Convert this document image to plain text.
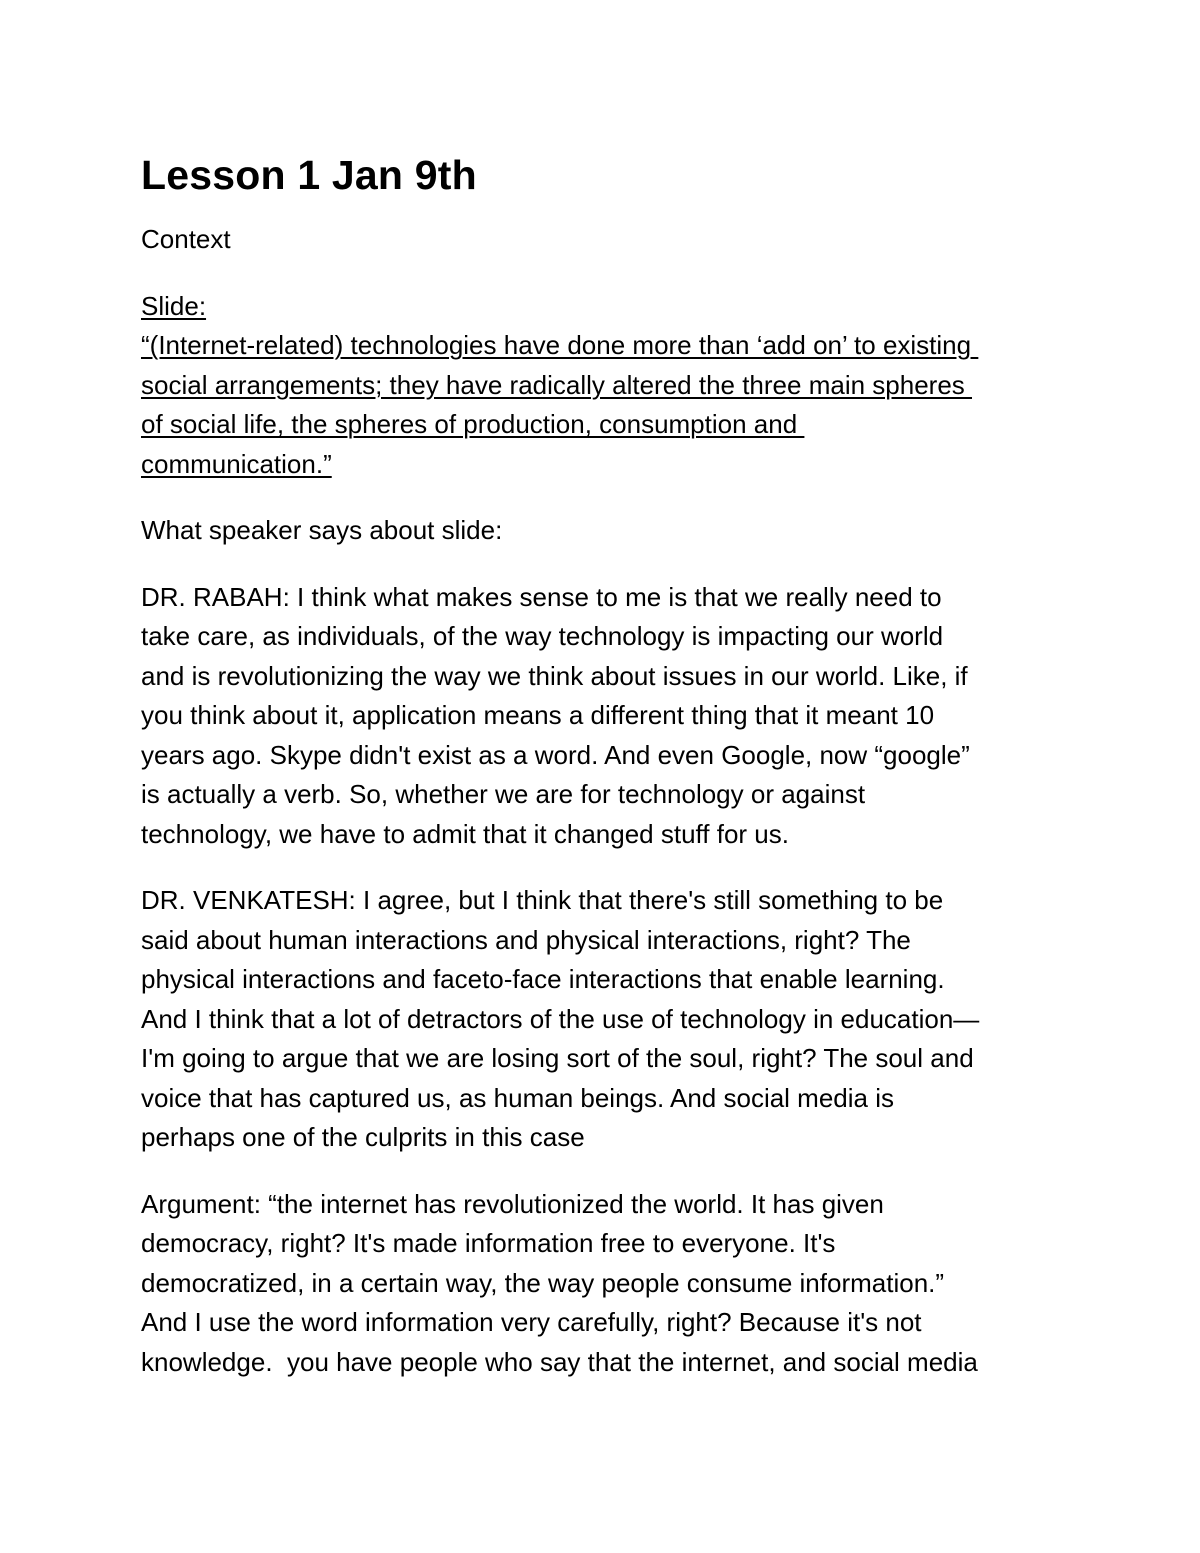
Lesson 1 Jan 9th

Context

Slide:
“(Internet-related) technologies have done more than ‘add on’ to existing
social arrangements; they have radically altered the three main spheres
of social life, the spheres of production, consumption and
communication.”

What speaker says about slide:

DR. RABAH: I think what makes sense to me is that we really need to
take care, as individuals, of the way technology is impacting our world
and is revolutionizing the way we think about issues in our world. Like, if
you think about it, application means a different thing that it meant 10
years ago. Skype didn't exist as a word. And even Google, now “google”
is actually a verb. So, whether we are for technology or against
technology, we have to admit that it changed stuff for us.
DR. VENKATESH: I agree, but I think that there's still something to be
said about human interactions and physical interactions, right? The
physical interactions and faceto-face interactions that enable learning.
And I think that a lot of detractors of the use of technology in education—
I'm going to argue that we are losing sort of the soul, right? The soul and
voice that has captured us, as human beings. And social media is
perhaps one of the culprits in this case
Argument: “the internet has revolutionized the world. It has given
democracy, right? It's made information free to everyone. It's
democratized, in a certain way, the way people consume information.”
And I use the word information very carefully, right? Because it's not
knowledge.  you have people who say that the internet, and social media
